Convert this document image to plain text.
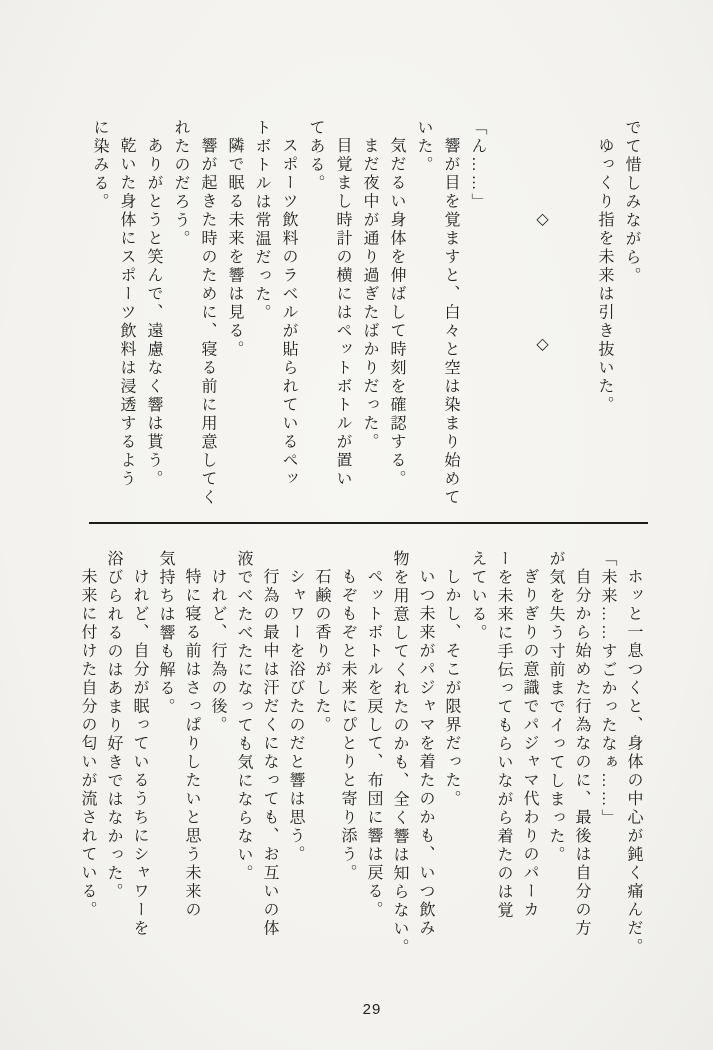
でて惜しみながら。

ゆっくり指を未来は引き抜いた。

◇
◇

「ん……」

響が目を覚ますと、白々と空は染まり始めて

いた。

気だるい身体を伸ばして時刻を確認する。

まだ夜中が通り過ぎたばかりだった。

目覚まし時計の横にはペットボトルが置い

てある。

スポーツ飲料のラベルが貼られているペッ

トボトルは常温だった。

隣で眠る未来を響は見る。

響が起きた時のために、寝る前に用意してく

れたのだろう。

ありがとうと笑んで、遠慮なく響は貰う。

乾いた身体にスポーツ飲料は浸透するよう

に染みる。

ホッと一息つくと、身体の中心が鈍く痛んだ。

「未来……すごかったなぁ……」

自分から始めた行為なのに、最後は自分の方

が気を失う寸前までイってしまった。

ぎりぎりの意識でパジャマ代わりのパーカ

ーを未来に手伝ってもらいながら着たのは覚

えている。

しかし、そこが限界だった。

いつ未来がパジャマを着たのかも、いつ飲み

物を用意してくれたのかも、全く響は知らない。

ペットボトルを戻して、布団に響は戻る。

もぞもぞと未来にぴとりと寄り添う。

石鹸の香りがした。

シャワーを浴びたのだと響は思う。

行為の最中は汗だくになっても、お互いの体

液でべたべたになっても気にならない。

けれど、行為の後。

特に寝る前はさっぱりしたいと思う未来の

気持ちは響も解る。

けれど、自分が眠っているうちにシャワーを

浴びられるのはあまり好きではなかった。

未来に付けた自分の匂いが流されている。

29
